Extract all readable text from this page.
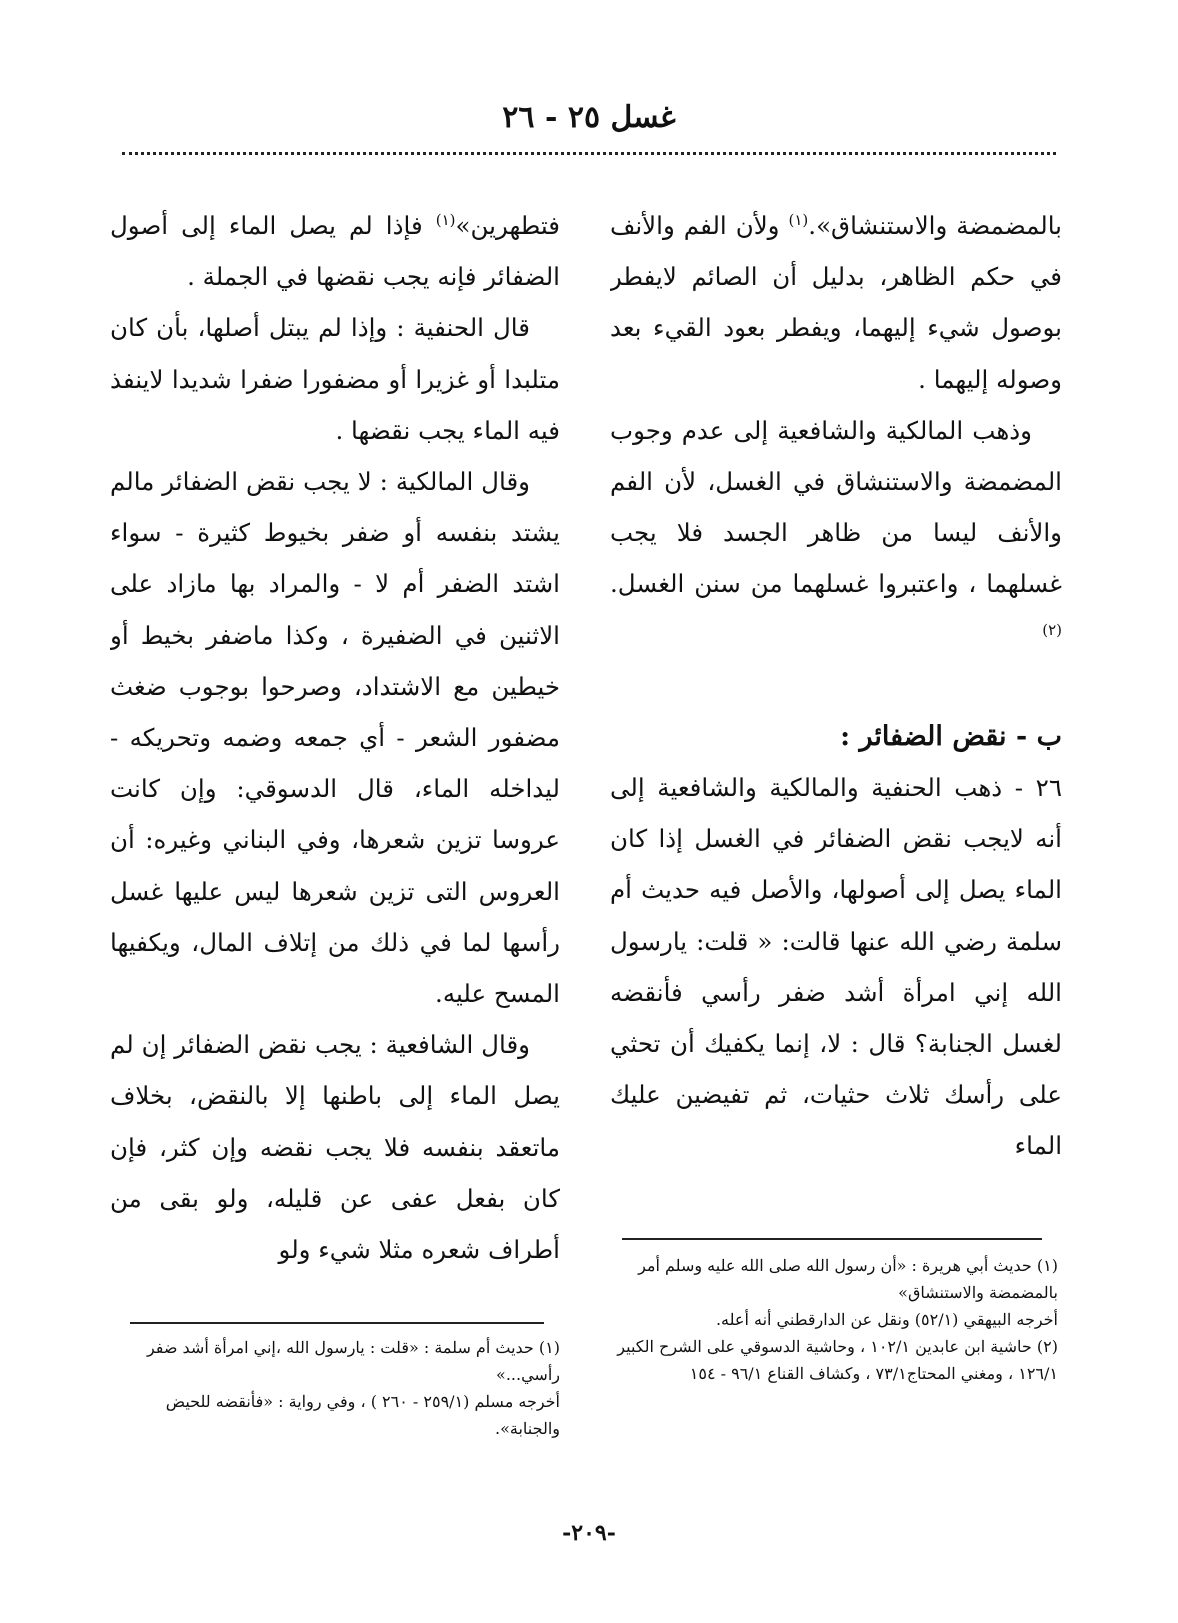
غسل ٢٥ - ٢٦

بالمضمضة والاستنشاق».$^{(١)}$ ولأن الفم والأنف في حكم الظاهر، بدليل أن الصائم لايفطر بوصول شيء إليهما، ويفطر بعود القيء بعد وصوله إليهما .

وذهب المالكية والشافعية إلى عدم وجوب المضمضة والاستنشاق في الغسل، لأن الفم والأنف ليسا من ظاهر الجسد فلا يجب غسلهما ، واعتبروا غسلهما من سنن الغسل.$^{(٢)}$

ب - نقض الضفائر :

٢٦ - ذهب الحنفية والمالكية والشافعية إلى أنه لايجب نقض الضفائر في الغسل إذا كان الماء يصل إلى أصولها، والأصل فيه حديث أم سلمة رضي الله عنها قالت: « قلت: يارسول الله إني امرأة أشد ضفر رأسي فأنقضه لغسل الجنابة؟ قال : لا، إنما يكفيك أن تحثي على رأسك ثلاث حثيات، ثم تفيضين عليك الماء

فتطهرين»$^{(١)}$ فإذا لم يصل الماء إلى أصول الضفائر فإنه يجب نقضها في الجملة .

قال الحنفية : وإذا لم يبتل أصلها، بأن كان متلبدا أو غزيرا أو مضفورا ضفرا شديدا لاينفذ فيه الماء يجب نقضها .

وقال المالكية : لا يجب نقض الضفائر مالم يشتد بنفسه أو ضفر بخيوط كثيرة - سواء اشتد الضفر أم لا - والمراد بها مازاد على الاثنين في الضفيرة ، وكذا ماضفر بخيط أو خيطين مع الاشتداد، وصرحوا بوجوب ضغث مضفور الشعر - أي جمعه وضمه وتحريكه - ليداخله الماء، قال الدسوقي: وإن كانت عروسا تزين شعرها، وفي البناني وغيره: أن العروس التى تزين شعرها ليس عليها غسل رأسها لما في ذلك من إتلاف المال، ويكفيها المسح عليه.

وقال الشافعية : يجب نقض الضفائر إن لم يصل الماء إلى باطنها إلا بالنقض، بخلاف ماتعقد بنفسه فلا يجب نقضه وإن كثر، فإن كان بفعل عفى عن قليله، ولو بقى من أطراف شعره مثلا شيء ولو

(١) حديث أبي هريرة : «أن رسول الله صلى الله عليه وسلم أمر بالمضمضة والاستنشاق»

أخرجه البيهقي (٥٢/١) ونقل عن الدارقطني أنه أعله.

(٢) حاشية ابن عابدين ١٠٢/١ ، وحاشية الدسوقي على الشرح الكبير ١٢٦/١ ، ومغني المحتاج٧٣/١ ، وكشاف القناع ٩٦/١ - ١٥٤

(١) حديث أم سلمة : «قلت : يارسول الله ،إني امرأة أشد ضفر رأسي...»

أخرجه مسلم (٢٥٩/١ - ٢٦٠ ) ، وفي رواية : «فأنقضه للحيض والجنابة».

-٢٠٩-
